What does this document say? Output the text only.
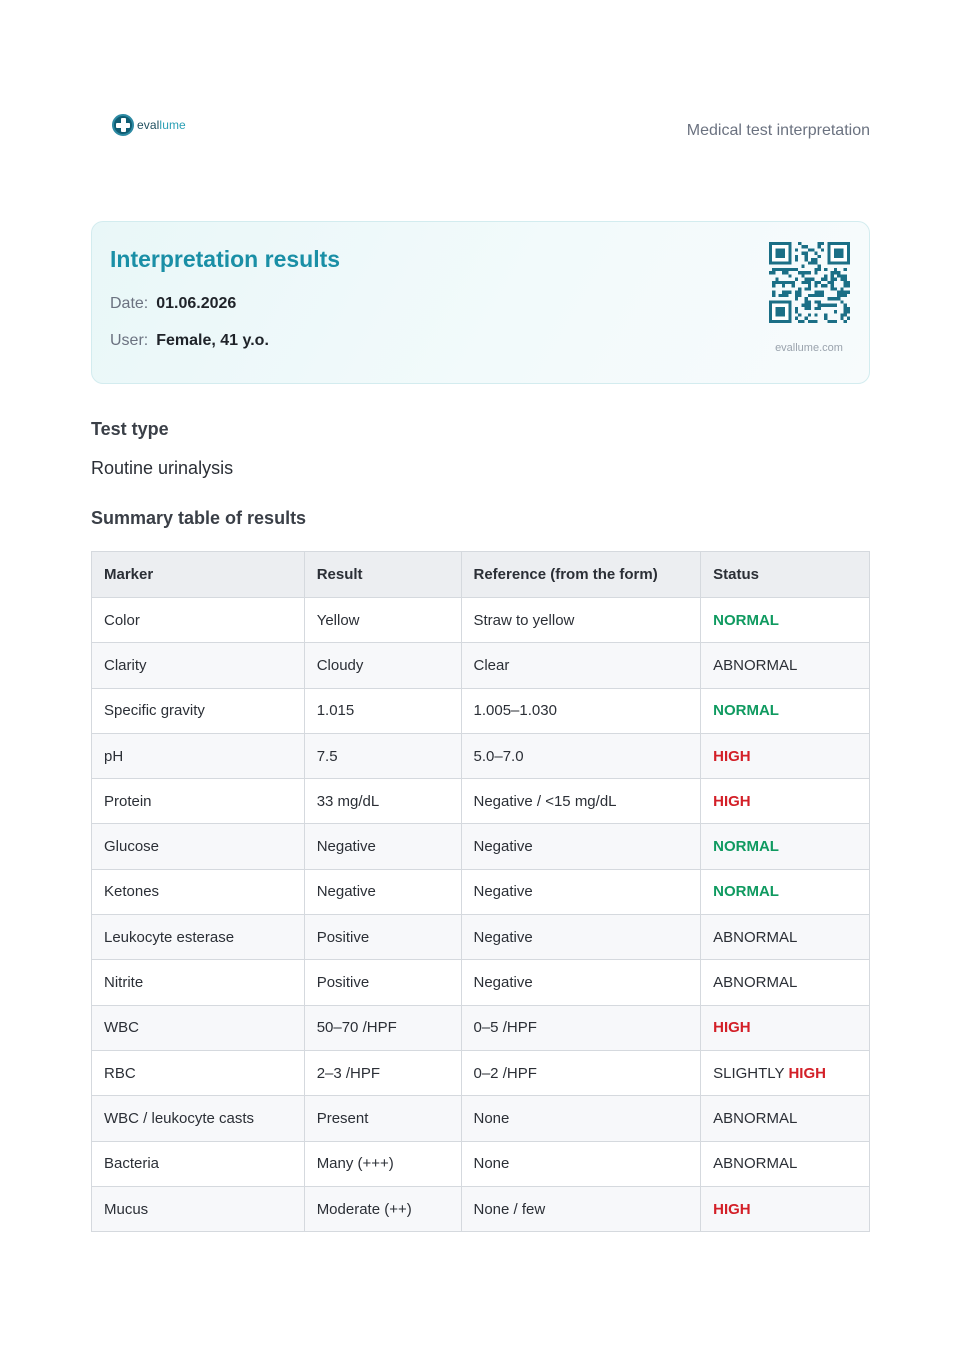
evallume	Medical test interpretation
Interpretation results
Date: 01.06.2026
User: Female, 41 y.o.	evallume.com
Test type
Routine urinalysis
Summary table of results
Marker	Result	Reference (from the form)	Status
Color	Yellow	Straw to yellow	NORMAL
Clarity	Cloudy	Clear	ABNORMAL
Specific gravity	1.015	1.005–1.030	NORMAL
pH	7.5	5.0–7.0	HIGH
Protein	33 mg/dL	Negative / <15 mg/dL	HIGH
Glucose	Negative	Negative	NORMAL
Ketones	Negative	Negative	NORMAL
Leukocyte esterase	Positive	Negative	ABNORMAL
Nitrite	Positive	Negative	ABNORMAL
WBC	50–70 /HPF	0–5 /HPF	HIGH
RBC	2–3 /HPF	0–2 /HPF	SLIGHTLY HIGH
WBC / leukocyte casts	Present	None	ABNORMAL
Bacteria	Many (+++)	None	ABNORMAL
Mucus	Moderate (++)	None / few	HIGH
